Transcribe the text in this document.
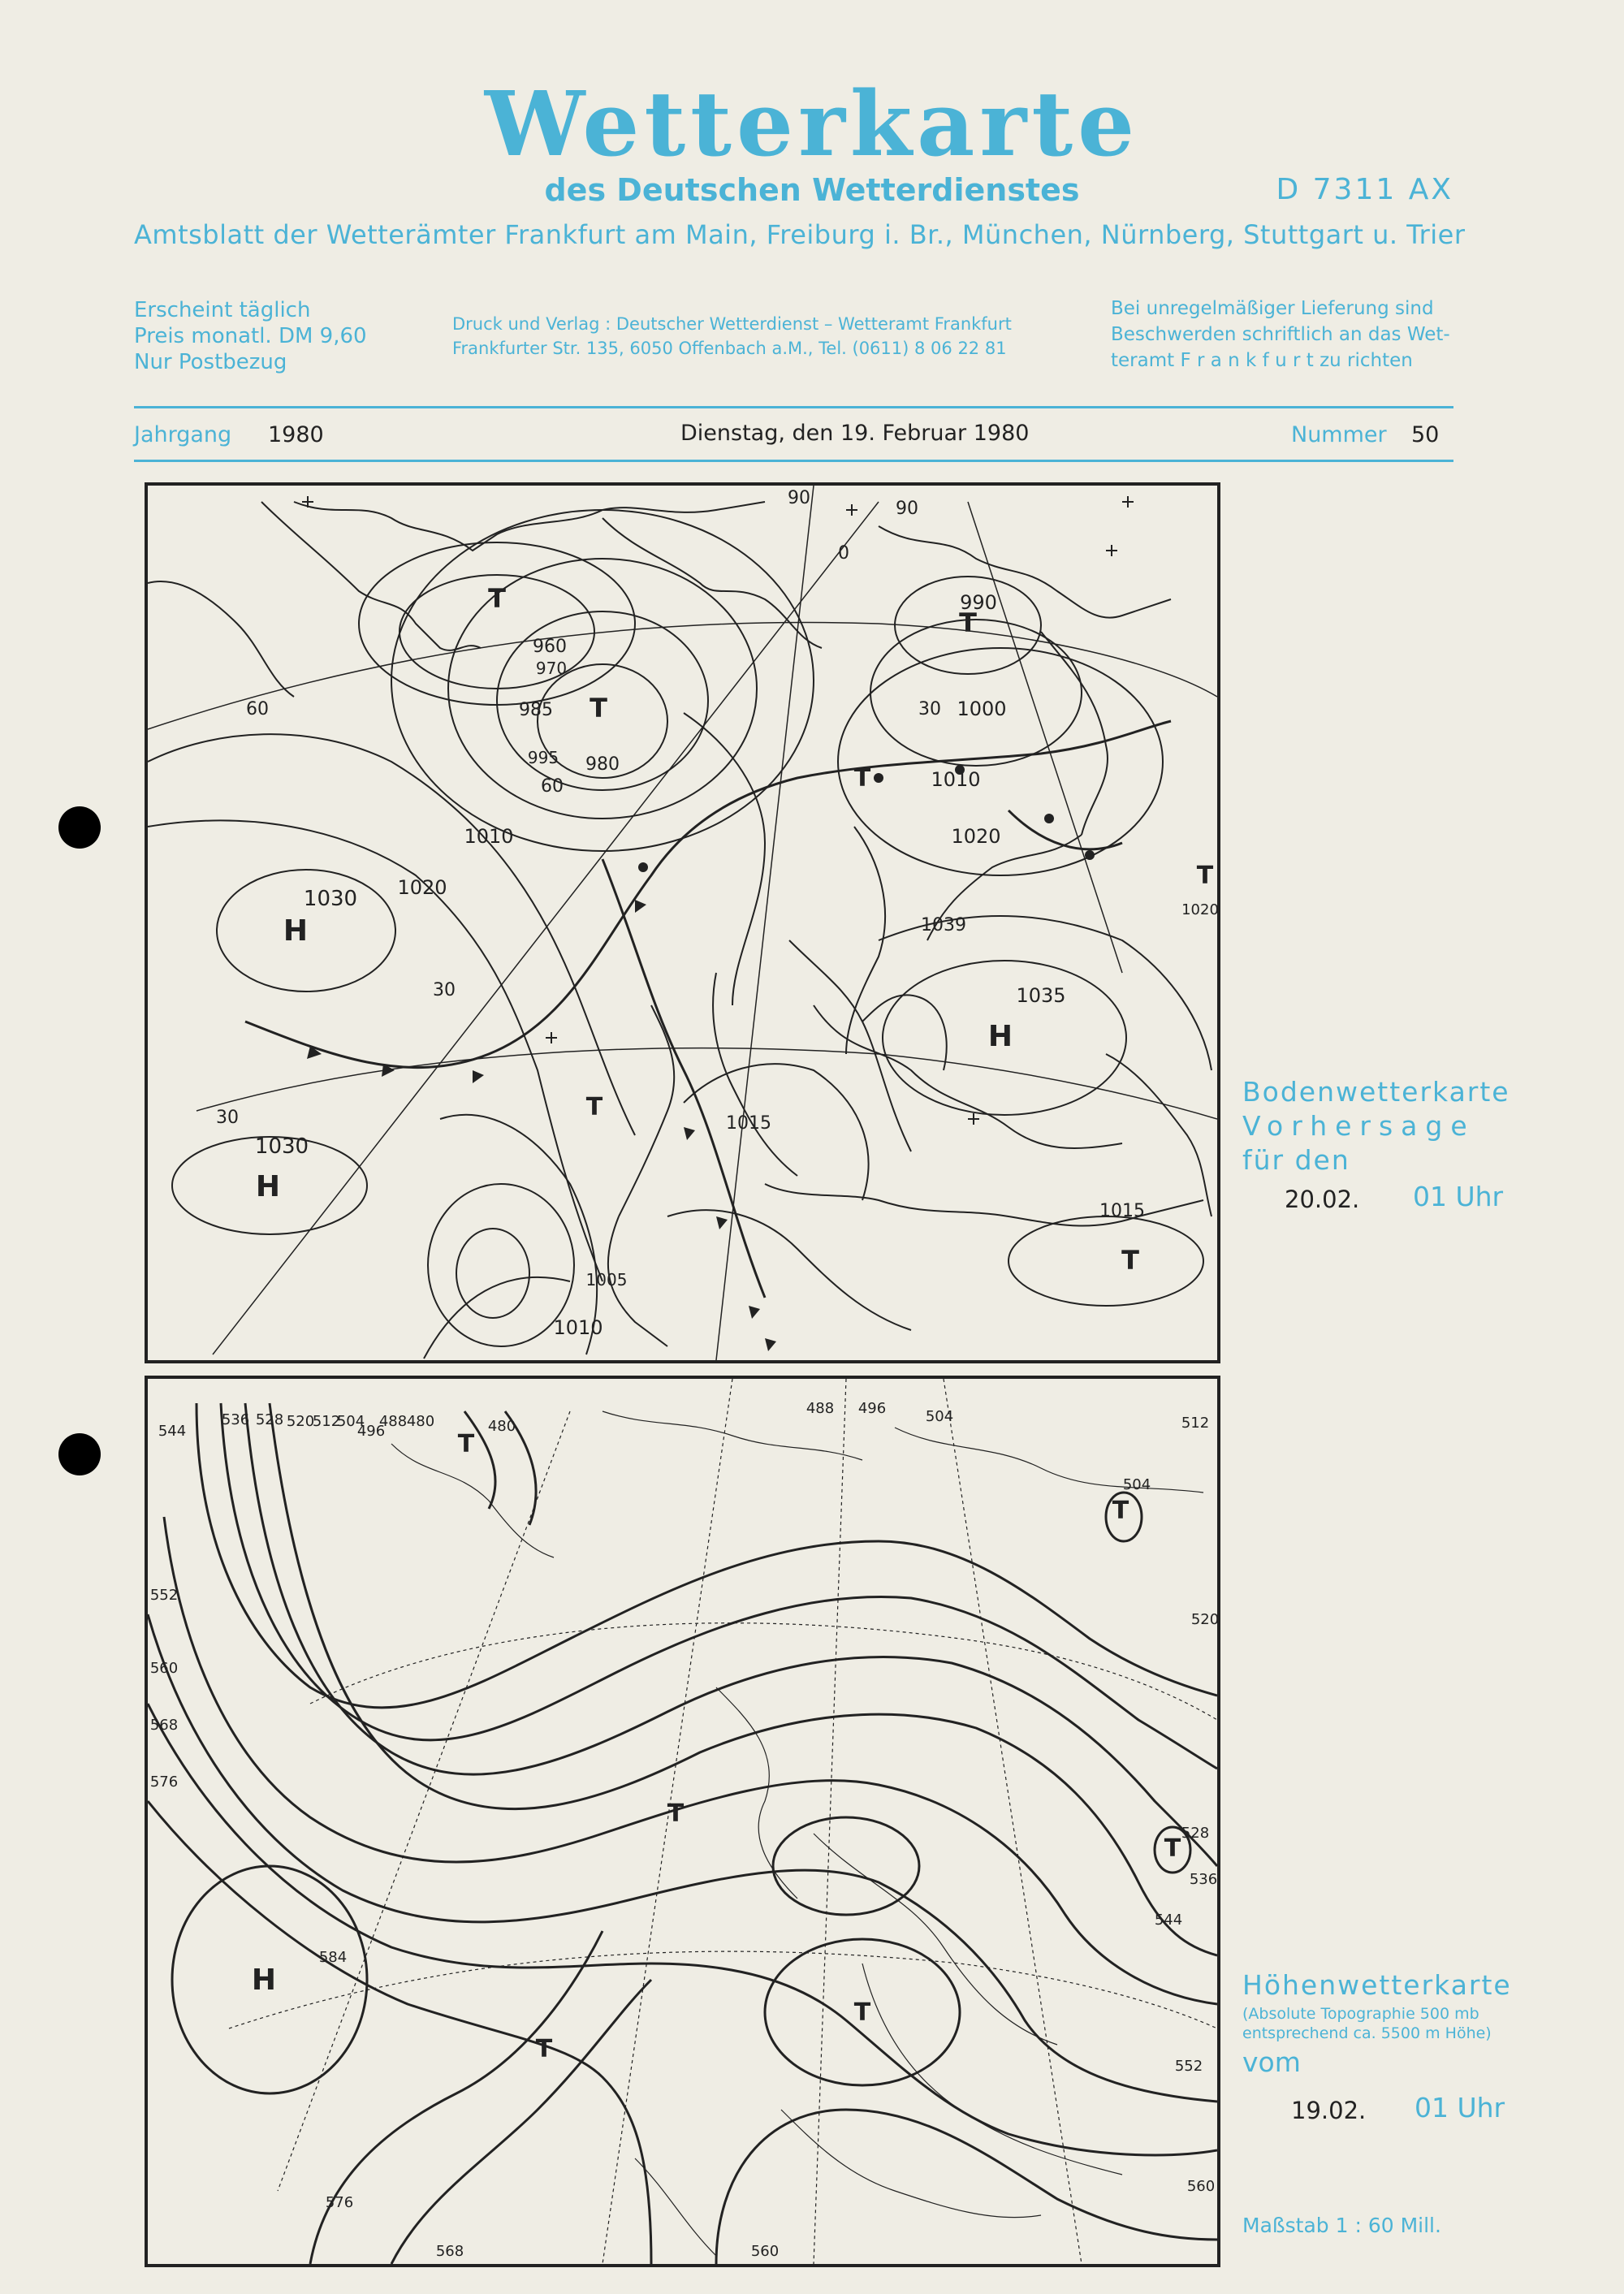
Wetterkarte
des Deutschen Wetterdienstes	D 7311 AX
Amtsblatt der Wetterämter Frankfurt am Main, Freiburg i. Br., München, Nürnberg, Stuttgart u. Trier
Erscheint täglich
Preis monatl. DM 9,60
Nur Postbezug
Druck und Verlag : Deutscher Wetterdienst – Wetteramt Frankfurt
Frankfurter Str. 135, 6050 Offenbach a.M., Tel. (0611) 8 06 22 81
Bei unregelmäßiger Lieferung sind
Beschwerden schriftlich an das Wet-
teramt F r a n k f u r t zu richten
Jahrgang 1980	Dienstag, den 19. Februar 1980	Nummer 50
H
H
H
T
T
T
T
T
T
T
1030
1030
1020
1020
1010
1010
1010
1000
990
985
980
960
970
995
1035
1015
1015
1005
1039
1020
60
60
30
30
30
90
90
0
Bodenwetterkarte
Vorhersage
für den
20.02. 01 Uhr
H
T
T
T
T
T
T
544
536 528 520
512
504
496
488 480	480
552
560
568
576
584
576
568	560
504
512
520
528
536
544
552
560
488 496	504
Höhenwetterkarte
(Absolute Topographie 500 mb
entsprechend ca. 5500 m Höhe)
vom
19.02. 01 Uhr
Maßstab 1 : 60 Mill.
